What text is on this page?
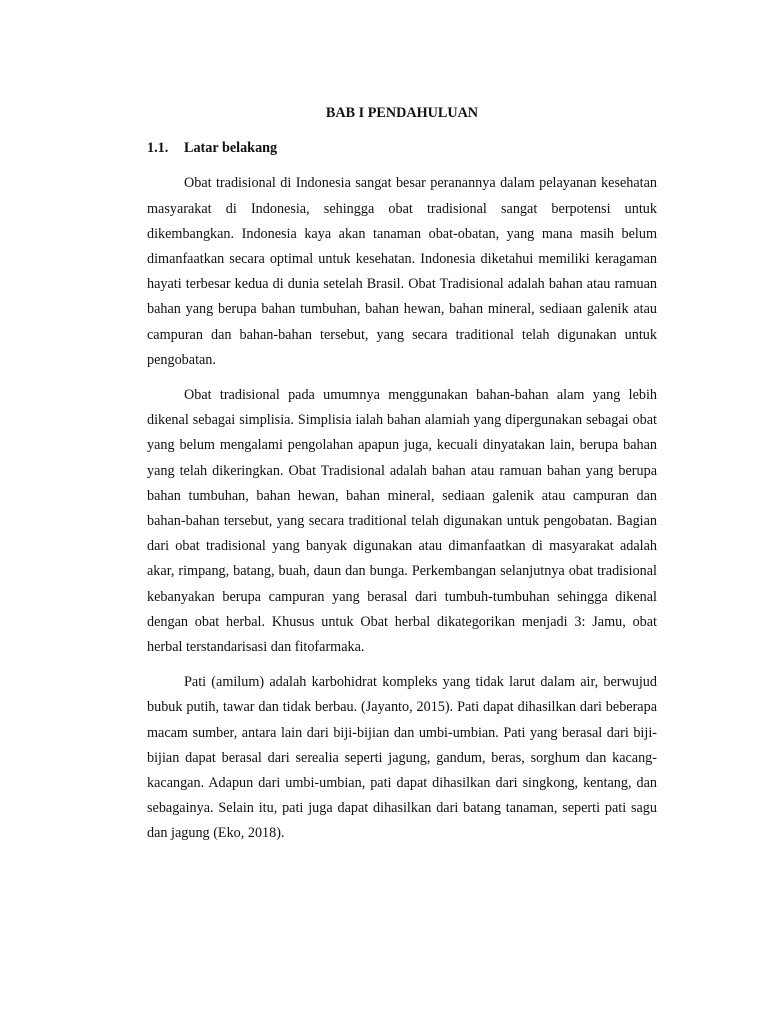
BAB I PENDAHULUAN
1.1.	Latar belakang

Obat tradisional di Indonesia sangat besar peranannya dalam pelayanan kesehatan masyarakat di Indonesia, sehingga obat tradisional sangat berpotensi untuk dikembangkan. Indonesia kaya akan tanaman obat-obatan, yang mana masih belum dimanfaatkan secara optimal untuk kesehatan. Indonesia diketahui memiliki keragaman hayati terbesar kedua di dunia setelah Brasil. Obat Tradisional adalah bahan atau ramuan bahan yang berupa bahan tumbuhan, bahan hewan, bahan mineral, sediaan galenik atau campuran dan bahan-bahan tersebut, yang secara traditional telah digunakan untuk pengobatan.

Obat tradisional pada umumnya menggunakan bahan-bahan alam yang lebih dikenal sebagai simplisia. Simplisia ialah bahan alamiah yang dipergunakan sebagai obat yang belum mengalami pengolahan apapun juga, kecuali dinyatakan lain, berupa bahan yang telah dikeringkan. Obat Tradisional adalah bahan atau ramuan bahan yang berupa bahan tumbuhan, bahan hewan, bahan mineral, sediaan galenik atau campuran dan bahan-bahan tersebut, yang secara traditional telah digunakan untuk pengobatan. Bagian dari obat tradisional yang banyak digunakan atau dimanfaatkan di masyarakat adalah akar, rimpang, batang, buah, daun dan bunga. Perkembangan selanjutnya obat tradisional kebanyakan berupa campuran yang berasal dari tumbuh-tumbuhan sehingga dikenal dengan obat herbal. Khusus untuk Obat herbal dikategorikan menjadi 3: Jamu, obat herbal terstandarisasi dan fitofarmaka.

Pati (amilum) adalah karbohidrat kompleks yang tidak larut dalam air, berwujud bubuk putih, tawar dan tidak berbau. (Jayanto, 2015). Pati dapat dihasilkan dari beberapa macam sumber, antara lain dari biji-bijian dan umbi-umbian. Pati yang berasal dari biji-bijian dapat berasal dari serealia seperti jagung, gandum, beras, sorghum dan kacang-kacangan. Adapun dari umbi-umbian, pati dapat dihasilkan dari singkong, kentang, dan sebagainya. Selain itu, pati juga dapat dihasilkan dari batang tanaman, seperti pati sagu dan jagung (Eko, 2018).
